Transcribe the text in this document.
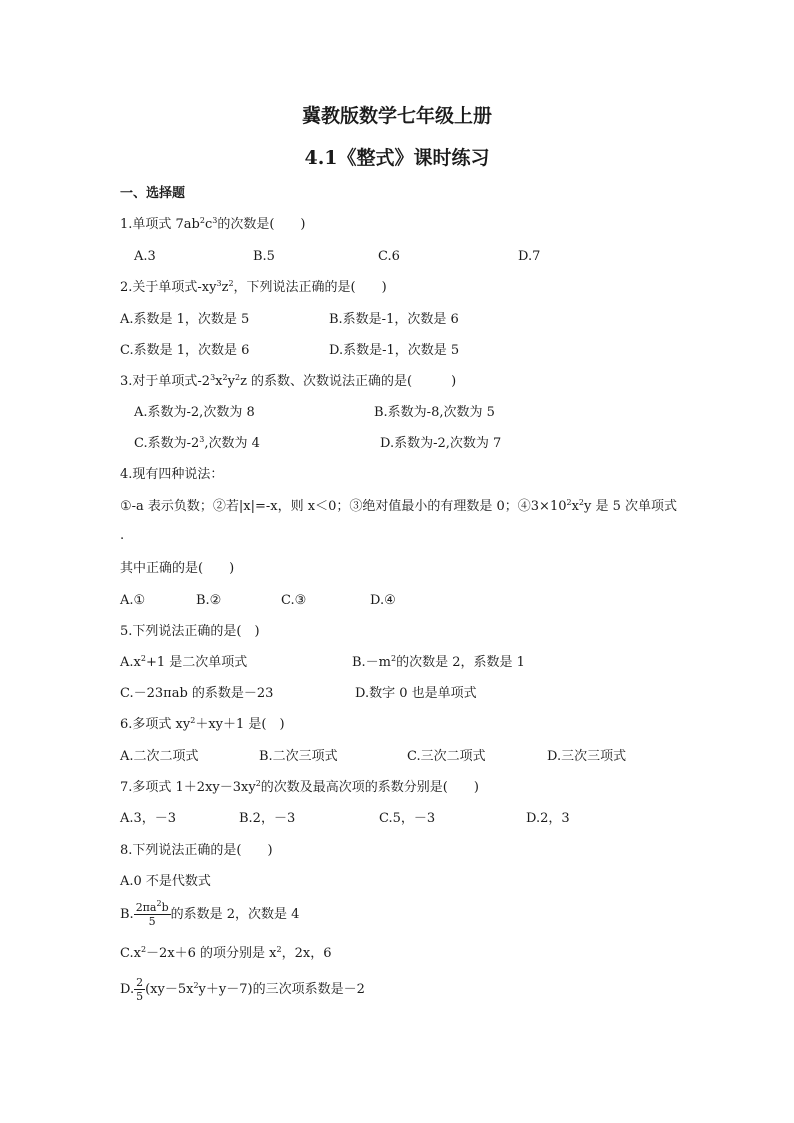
冀教版数学七年级上册
4.1《整式》课时练习
一、选择题
1.单项式 $7ab^2c^3$的次数是(　　)
A.3	B.5	C.6	D.7
2.关于单项式$-xy^3z^2$，下列说法正确的是(　　)
A.系数是 1，次数是 5	B.系数是-1，次数是 6
C.系数是 1，次数是 6	D.系数是-1，次数是 5
3.对于单项式$-2^3x^2y^2z$ 的系数、次数说法正确的是(　　　)
A.系数为-2,次数为 8	B.系数为-8,次数为 5
C.系数为$-2^3$,次数为 4	D.系数为-2,次数为 7
4.现有四种说法：
①-a 表示负数；②若|x|=-x，则 x＜0；③绝对值最小的有理数是 0；$④3\times 10^2x^2y$ 是 5 次单项式
.
其中正确的是(　　)
A.①	B.②	C.③	D.④
5.下列说法正确的是(　)
$A.x^2+1$ 是二次单项式	$B.-m^2$的次数是 2，系数是 1
C.－23πab 的系数是－23	D.数字 0 也是单项式
6.多项式 $xy^2+xy+1$ 是(　)
A.二次二项式	B.二次三项式	C.三次二项式	D.三次三项式
7.多项式 $1+2xy-3xy^2$的次数及最高次项的系数分别是(　　)
A.3，－3	B.2，－3	C.5，－3	D.2，3
8.下列说法正确的是(　　)
A.0 不是代数式
B. $\frac{2\pi a^2b}{5}$ 的系数是 2，次数是 4
$C.x^2-2x+6$ 的项分别是 $x^2$，2x，6
D. $\frac{2}{5} (xy-5x^2y+y-7)$的三次项系数是－2
